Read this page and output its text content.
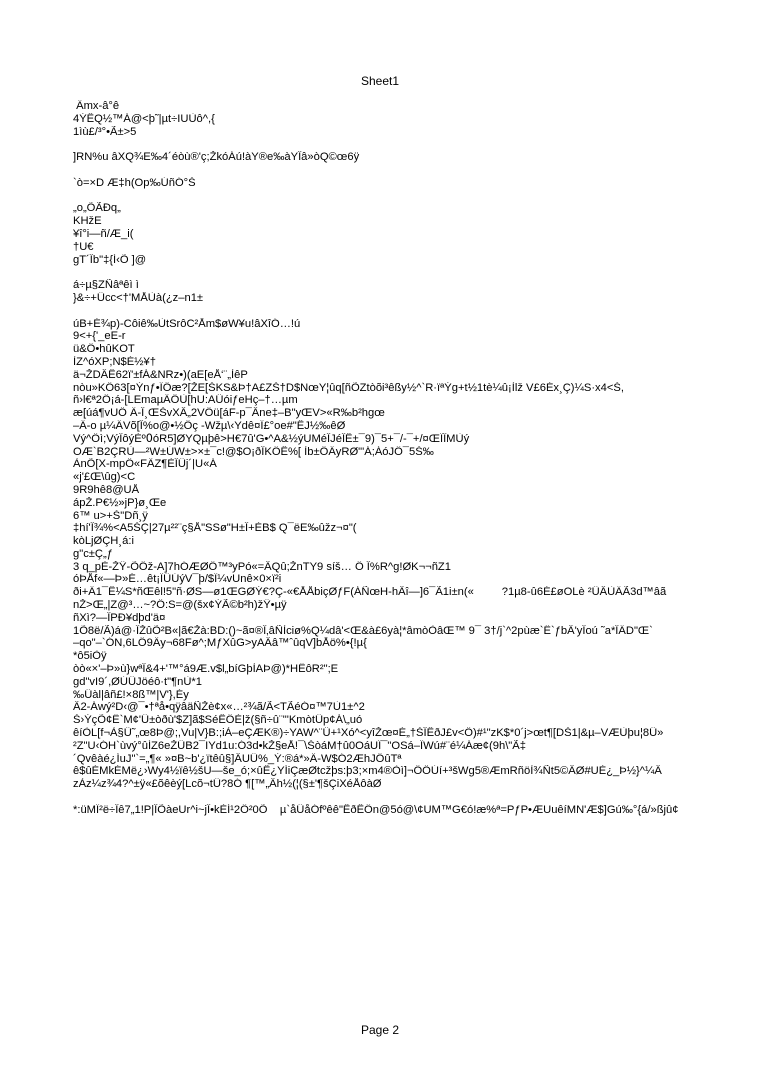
Sheet1
Ämx-â°ê
4ÝÊQ½™Á@<þ˜|µt÷IUÙô^,{
1ìù£/³°•Ã±>5
]RN%u âXQ¾E‰4´éòù®'ç;ŽkóÁú!àY®e‰àYÎâ»òQ©œ6ÿ
`ò=×D Æ‡h(Op‰ÚñÓ°Š
„o„ÕÃÐq„
KHžE
¥î°i—ñ/Æ_i(
†U€
gT´Îb"‡{Í‹Õ ]@
á÷µ§ZÑâªêì ì
}&÷+Ücc<†'MÅÙà(¿z–n1±
úB+É¾p)-Côiê‰ÙtSrôC²Åm$øW¥u!âXîÓ…!ú
9<+{'_eE-r
ü&Ô•hûKOT
ÌZ^óXP;N$É½¥†
ä¬ŽDÂÊ62ï'±fÁ&NRz•)(aE[eÅ‘¨„ÌêP
nòu»KÖ63[¤Ýnƒ•ÏÖæ?[ŽE[ŠKS&Þ†A£ZŠ†D$NœY¦ûq[ñÕZtòõi³êßy½^`R·ïªÝg+t½1tè¼û¡Ìlž V£6Éx¸Ç)¼S·x4<Š,
ñ›l€ª2Ô¡á-[LEmaµÄÖÙ[hU:AÜóiƒeHç–†…µm
æ[úá¶vUÖ Ä-Î¸ŒŠvXÂ„2VÖü[áF-p¯Âne‡–B"yŒV>«R‰b²hgœ
–Ä-o µ¼ÄVõ[Î%o@•½Öç -Wžµ\‹Ydê¤Ï£°oe#"ÊJ½‰êØ
Vý^Öì;VýÎôýÈº߀óR5]ØYQµþê>H€7û'G•^A&½ýUMéÎJéÎÊ±¯9)¯5+¯/-¯+/¤ŒÏÎMÙý
OÆ`B2ÇRÙ—²W±ÚW±>×±¯c!@$O¡ðÎKÔÊ%[ Ìb±ÖÄyRØ"'Á;ÁóJÔ¯5Š‰
ÀnÕ[X-mpÖ«FÄZ¶ÈÎÛj´|U«Á
«j'£Œ\ûg)<C
9R9hê8@UÅ
ápŽ.P€½»jP}ø¸Œe
6™ u>+Š"Dñ¸ÿ
‡hí'Î¾%<A5ŠÇ|27µ²²¨ç§Å"SSø"H±Î+ÈB$ Q¯ëE‰ûžz¬¤"(
kòLjØÇH¸á:i
g"c±Ç„ƒ
3 q_pÈ-ŽŸ-ÕÖž-A]7hÓÆØÖ™³yPó«=ÂQû;ŽnTY9 síš… Ô Î%R^g!ØK¬¬ñZ1
óÞÅf«—Þ»É…êt¡ÏÛÚýV¯þ/$Ï¼vUnê×0×ï²i
ði+Ä1¯Ê¼S*ñŒêl!5"ñ·ØS—ø1ŒGØÝ€?Ç-«€ÅÅbiçØƒF(ÁÑœH-hÂî—]6¯Ã1i±n(«         ?1µ8-û6É£øOLè ²ÛÂÙÄÃ3d™âã
nŽ>Œ„|Z@³…~?Ö:S=@(šx¢ÝÃ©b²h)žŸ•µÿ
ñXì?—ÎPÐ¥dþd'ä¤
1Õ8ë/Ã)á@·ÎŽûÕ²B«|ã€Žà:BD:()~ã¤®Î‚âÑÌciø%Q¼dâ'<Œ&à£6yà¦*âmòÒâŒ™ 9¯ 3†/j`^2pùæ`Ë`ƒbÂ'yÎoú ˜a*ÎÄD"Œ`
–qo"–`ÓN,6LÔ9Äy¬68Fø^;MƒXûG>yAÂâ™ˆûqV]bÅö%•{!µ{
*ô5iÒÿ
òò«×'–Þ»ù}wªÎ&4+'™°á9Æ.v$l„bíGþÌAÞ@)*HËôR²";E
gd"vI9´,ØÚÛJöéô·t"¶nÙ*1
‰Ûàl|âñ£!×8ß™|V'},Éy
Â2-Áwý²D‹@¯•†ªå•qÿâäÑŽè¢x«…²¾ã/Ã<TÃéÓ¤™7Ù1±^2
Š›ÝçÕ¢Ë`M¢'Û±òðù'$Z]ã$SéÊÔÈ|ž(§ñ÷û¨"'KmòtÛp¢Á\„uó
êíÒL[f¬À§Ü˜„œ8Þ@;,Vu|V}B:;iÀ–eÇÆK®)÷YAW^¨Ü+¹Xó^<yîŽœ¤É„†ŠÎÊðJ£v<Ö)#¹"zK$*0´j>œt¶[DŠ1|&µ–VÆÙþu¦8Û»
²Z"U‹ÓH`ùvý°ûÍZ6eŽÜB2¯IYd1u:Ó3d•kŽ§eÅ!¯\ŠòáM†û0OáUÏ¯"OSá–ÏWú#¨é¼Áæ¢(9h\"Ã‡
´Qvêàé¿ÍuJ"`=„¶« »¤B~b'¿ïtêû§]ÂUÜ%_Ý:®á*»Ä-W$Ó2ÆhJÖûTª
ê$ûÉMkÉMë¿›Wy4½ïê½šU—še_ó;×ûÊ¿YÍiÇæØtcžþs:þ3;×m4®Òì]¬ÖÖÚí+³šWg5®ÆmRñöÌ¾Ñt5©ÂØ#UÈ¿_Þ½}^¼Â
zÀz¼z¾4?^±ÿ«£õêèý[Lcõ¬tÛ?8Ó ¶[™„Âh½(¦(§±'¶šÇiXéÅôàØ
*:üMÏ²ë÷Îê7„1!P|ÎÕàeUr^i~jÎ•kÈÍ¹2Ô²0Õ    µ`åÛåÓfºêê"ÊðÊÔn@5ó@\¢UM™G€ó!æ%ª=PƒP•ÆUuêíMN'Æ$]Gú‰°{á/»ßjû¢
Page 2
